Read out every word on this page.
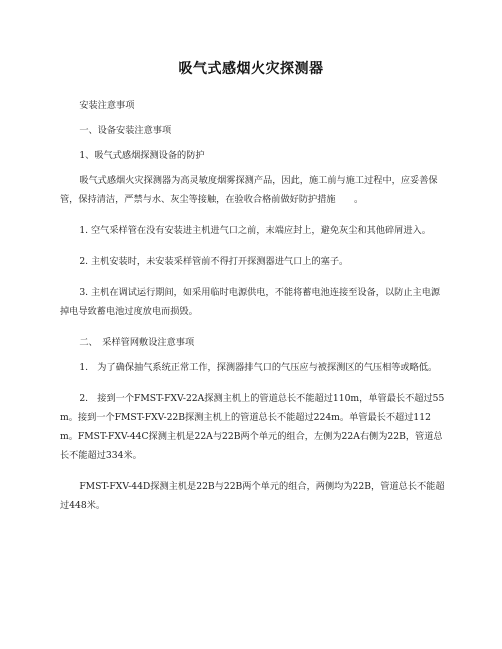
吸气式感烟火灾探测器

安装注意事项

一、设备安装注意事项

1、吸气式感烟探测设备的防护

吸气式感烟火灾探测器为高灵敏度烟雾探测产品，因此，施工前与施工过程中，应妥善保管，保持清洁，严禁与水、灰尘等接触，在验收合格前做好防护措施　　。

1. 空气采样管在没有安装进主机进气口之前，末端应封上，避免灰尘和其他碎屑进入。

2. 主机安装时，未安装采样管前不得打开探测器进气口上的塞子。

3. 主机在调试运行期间，如采用临时电源供电，不能将蓄电池连接至设备，以防止主电源掉电导致蓄电池过度放电而损毁。

二、　采样管网敷设注意事项

1.　为了确保抽气系统正常工作，探测器排气口的气压应与被探测区的气压相等或略低。

2.　接到一个FMST-FXV-22A探测主机上的管道总长不能超过110m，单管最长不超过55m。接到一个FMST-FXV-22B探测主机上的管道总长不能超过224m。单管最长不超过112m。FMST-FXV-44C探测主机是22A与22B两个单元的组合，左侧为22A右侧为22B，管道总长不能超过334米。

FMST-FXV-44D探测主机是22B与22B两个单元的组合，两侧均为22B，管道总长不能超过448米。
